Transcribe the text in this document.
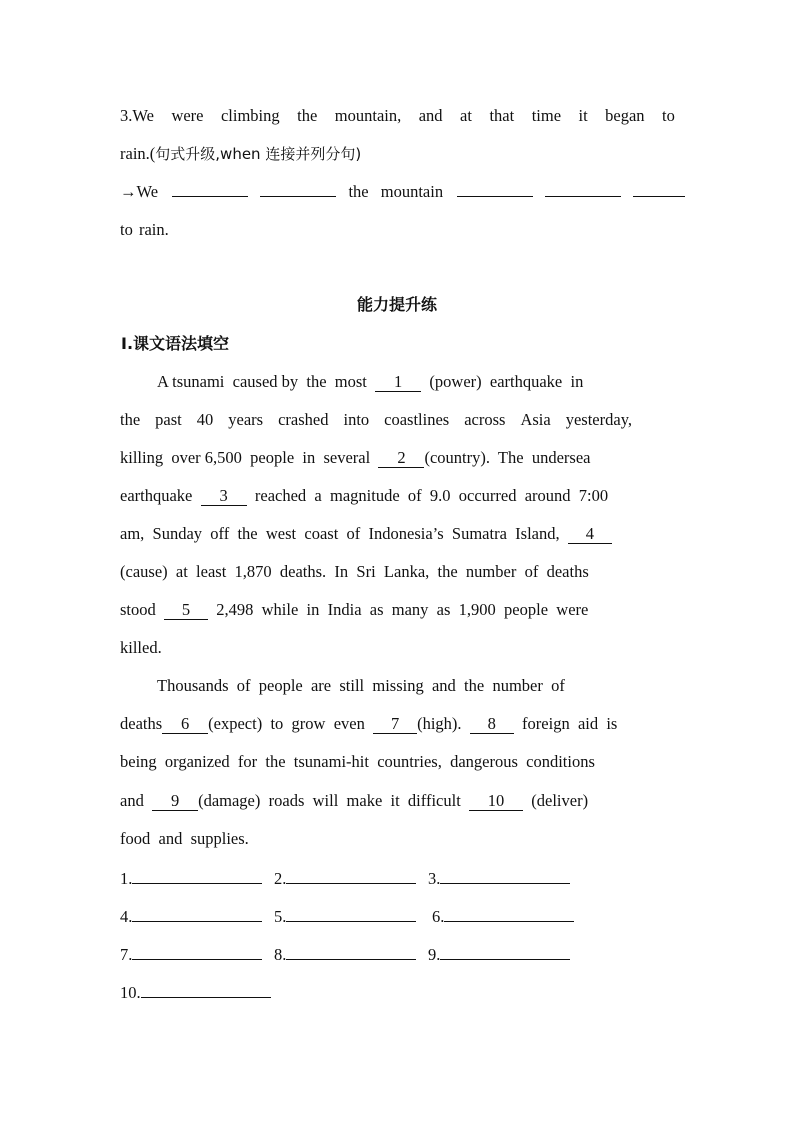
3.We were climbing the mountain, and at that time it began to
rain.(句式升级,when 连接并列分句)
→We	the mountain
to rain.
能力提升练
Ⅰ.课文语法填空
A tsunami  caused by  the  most 1 (power)  earthquake  in
the past 40 years crashed into coastlines across Asia yesterday,
killing  over 6,500  people  in  several 2 (country).  The  undersea
earthquake 3 reached  a  magnitude  of  9.0  occurred  around  7:00
am,  Sunday  off  the  west  coast  of  Indonesia’s  Sumatra  Island, 4
(cause)  at  least  1,870  deaths.  In  Sri  Lanka,  the  number  of  deaths
stood 5 2,498  while  in  India  as  many  as  1,900  people  were
killed.
Thousands  of  people  are  still  missing  and  the  number  of
deaths 6 (expect)  to  grow  even 7 (high). 8 foreign  aid  is
being  organized  for  the  tsunami-hit  countries,  dangerous  conditions
and 9 (damage)  roads  will  make  it  difficult 10 (deliver)
food  and  supplies.
1.	2.	3.
4.	5.	6.
7.	8.	9.
10.
